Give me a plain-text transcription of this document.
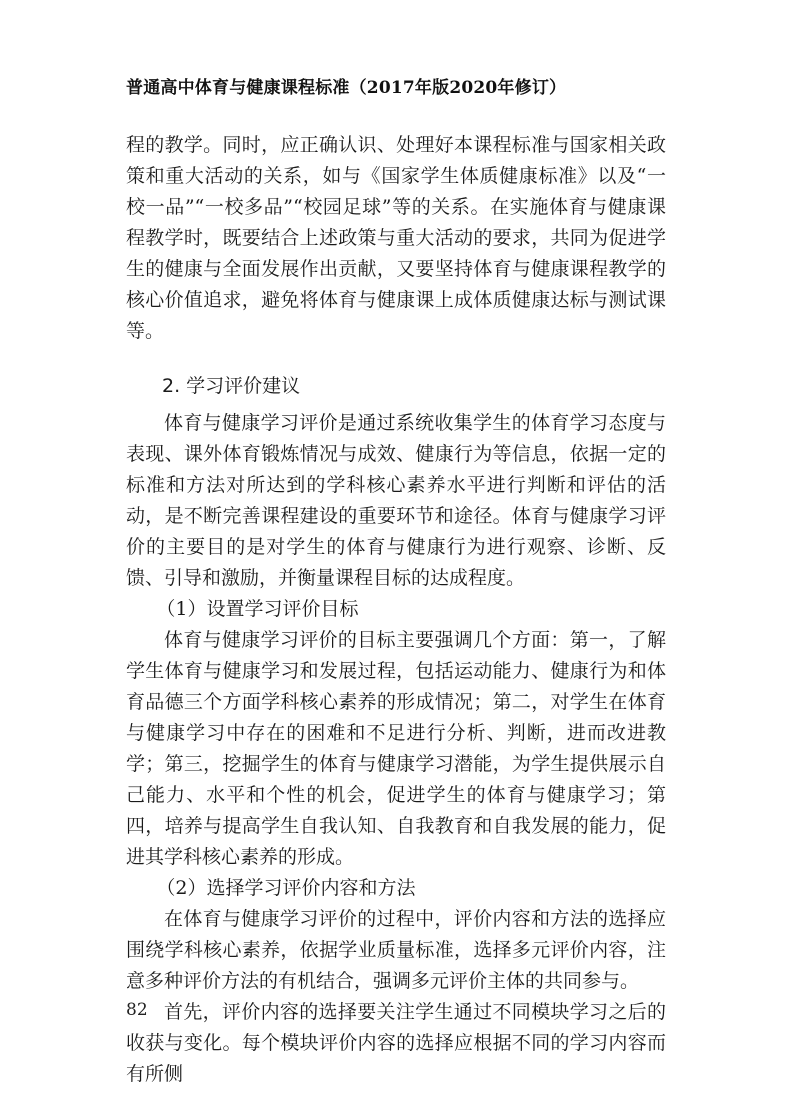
普通高中体育与健康课程标准（2017年版2020年修订）

程的教学。同时，应正确认识、处理好本课程标准与国家相关政策和重大活动的关系，如与《国家学生体质健康标准》以及“一校一品”“一校多品”“校园足球”等的关系。在实施体育与健康课程教学时，既要结合上述政策与重大活动的要求，共同为促进学生的健康与全面发展作出贡献，又要坚持体育与健康课程教学的核心价值追求，避免将体育与健康课上成体质健康达标与测试课等。

2. 学习评价建议

体育与健康学习评价是通过系统收集学生的体育学习态度与表现、课外体育锻炼情况与成效、健康行为等信息，依据一定的标准和方法对所达到的学科核心素养水平进行判断和评估的活动，是不断完善课程建设的重要环节和途径。体育与健康学习评价的主要目的是对学生的体育与健康行为进行观察、诊断、反馈、引导和激励，并衡量课程目标的达成程度。

（1）设置学习评价目标

体育与健康学习评价的目标主要强调几个方面：第一，了解学生体育与健康学习和发展过程，包括运动能力、健康行为和体育品德三个方面学科核心素养的形成情况；第二，对学生在体育与健康学习中存在的困难和不足进行分析、判断，进而改进教学；第三，挖掘学生的体育与健康学习潜能，为学生提供展示自己能力、水平和个性的机会，促进学生的体育与健康学习；第四，培养与提高学生自我认知、自我教育和自我发展的能力，促进其学科核心素养的形成。

（2）选择学习评价内容和方法

在体育与健康学习评价的过程中，评价内容和方法的选择应围绕学科核心素养，依据学业质量标准，选择多元评价内容，注意多种评价方法的有机结合，强调多元评价主体的共同参与。

首先，评价内容的选择要关注学生通过不同模块学习之后的收获与变化。每个模块评价内容的选择应根据不同的学习内容而有所侧

82
